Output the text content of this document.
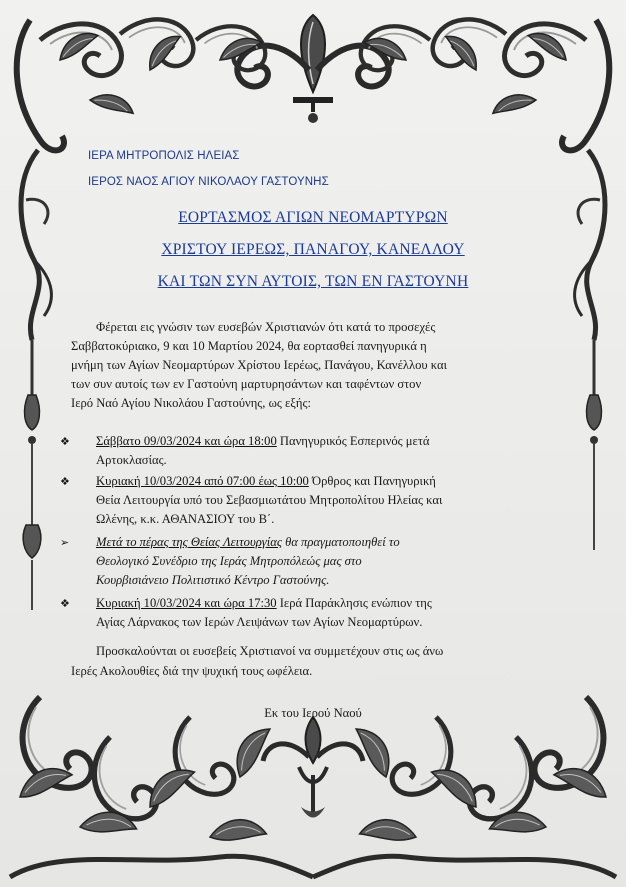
ΙΕΡΑ ΜΗΤΡΟΠΟΛΙΣ ΗΛΕΙΑΣ
ΙΕΡΟΣ ΝΑΟΣ ΑΓΙΟΥ ΝΙΚΟΛΑΟΥ ΓΑΣΤΟΥΝΗΣ
ΕΟΡΤΑΣΜΟΣ ΑΓΙΩΝ ΝΕΟΜΑΡΤΥΡΩΝ
ΧΡΙΣΤΟΥ ΙΕΡΕΩΣ, ΠΑΝΑΓΟΥ, ΚΑΝΕΛΛΟΥ
ΚΑΙ ΤΩΝ ΣΥΝ ΑΥΤΟΙΣ, ΤΩΝ ΕΝ ΓΑΣΤΟΥΝΗ
Φέρεται εις γνώσιν των ευσεβών Χριστιανών ότι κατά το προσεχές
Σαββατοκύριακο, 9 και 10 Μαρτίου 2024, θα εορτασθεί πανηγυρικά η
μνήμη των Αγίων Νεομαρτύρων Χρίστου Ιερέως, Πανάγου, Κανέλλου και
των συν αυτοίς των εν Γαστούνη μαρτυρησάντων και ταφέντων στον
Ιερό Ναό Αγίου Νικολάου Γαστούνης, ως εξής:
❖ Σάββατο 09/03/2024 και ώρα 18:00 Πανηγυρικός Εσπερινός μετά
Αρτοκλασίας.
❖ Κυριακή 10/03/2024 από 07:00 έως 10:00 Όρθρος και Πανηγυρική
Θεία Λειτουργία υπό του Σεβασμιωτάτου Μητροπολίτου Ηλείας και
Ωλένης, κ.κ. ΑΘΑΝΑΣΙΟΥ του Β΄.
➢ Μετά το πέρας της Θείας Λειτουργίας θα πραγματοποιηθεί το
Θεολογικό Συνέδριο της Ιεράς Μητροπόλεώς μας στο
Κουρβισιάνειο Πολιτιστικό Κέντρο Γαστούνης.
❖ Κυριακή 10/03/2024 και ώρα 17:30 Ιερά Παράκλησις ενώπιον της
Αγίας Λάρνακος των Ιερών Λειψάνων των Αγίων Νεομαρτύρων.
Προσκαλούνται οι ευσεβείς Χριστιανοί να συμμετέχουν στις ως άνω
Ιερές Ακολουθίες διά την ψυχική τους ωφέλεια.
Εκ του Ιερού Ναού
